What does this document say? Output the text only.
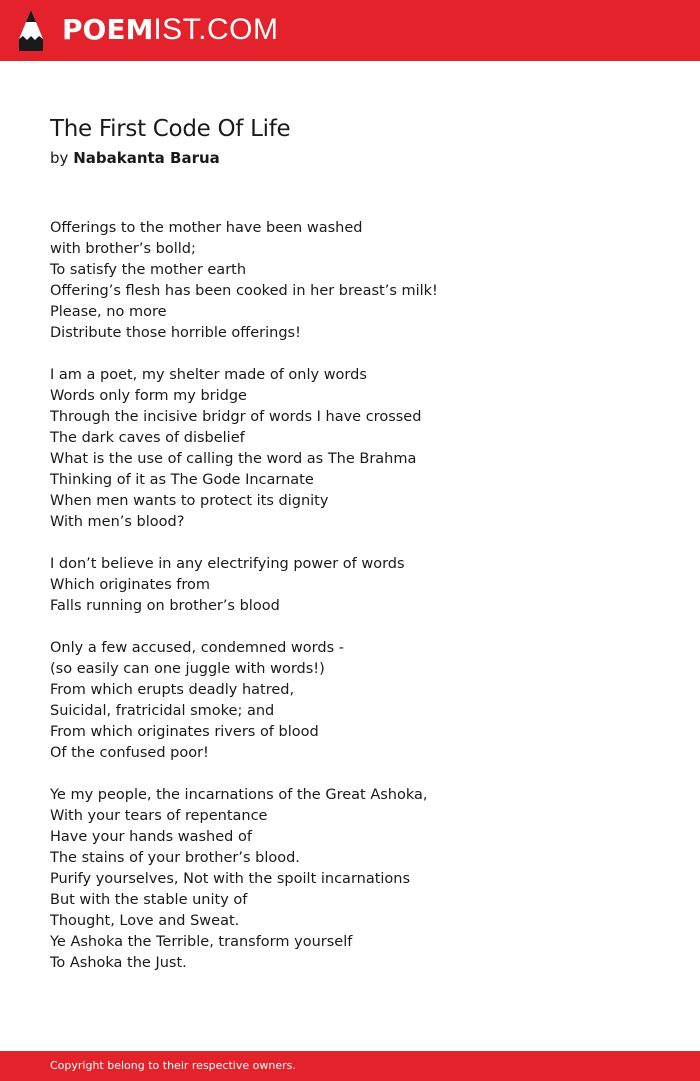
POEMIST.COM
The First Code Of Life
by Nabakanta Barua
Offerings to the mother have been washed
with brother’s bolld;
To satisfy the mother earth
Offering’s flesh has been cooked in her breast’s milk!
Please, no more
Distribute those horrible offerings!
I am a poet, my shelter made of only words
Words only form my bridge
Through the incisive bridgr of words I have crossed
The dark caves of disbelief
What is the use of calling the word as The Brahma
Thinking of it as The Gode Incarnate
When men wants to protect its dignity
With men’s blood?
I don’t believe in any electrifying power of words
Which originates from
Falls running on brother’s blood
Only a few accused, condemned words -
(so easily can one juggle with words!)
From which erupts deadly hatred,
Suicidal, fratricidal smoke; and
From which originates rivers of blood
Of the confused poor!
Ye my people, the incarnations of the Great Ashoka,
With your tears of repentance
Have your hands washed of
The stains of your brother’s blood.
Purify yourselves, Not with the spoilt incarnations
But with the stable unity of
Thought, Love and Sweat.
Ye Ashoka the Terrible, transform yourself
To Ashoka the Just.
Copyright belong to their respective owners.
